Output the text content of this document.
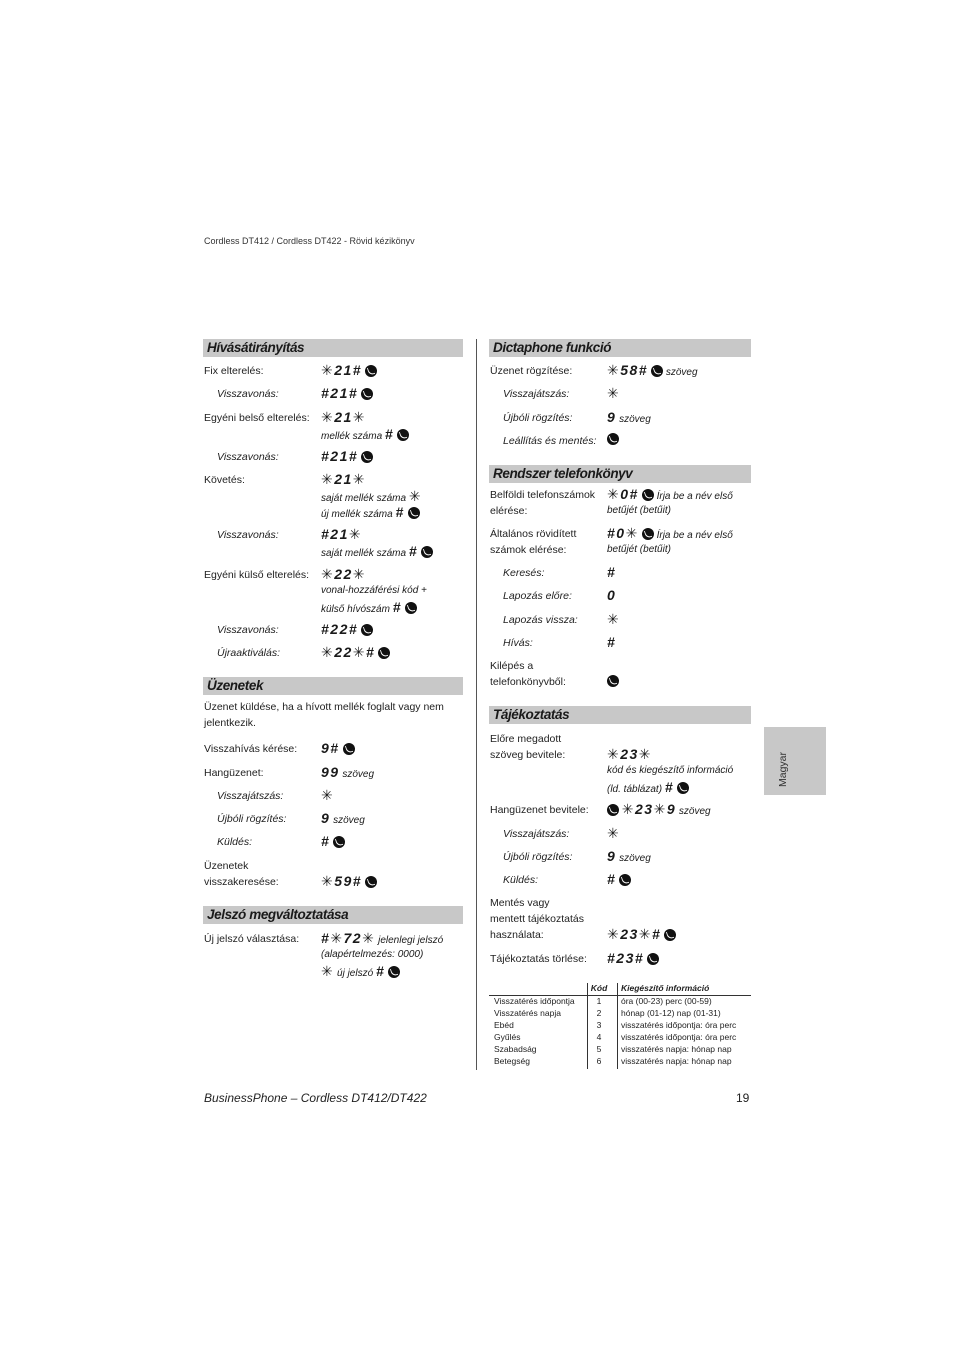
Cordless DT412 / Cordless DT422 - Rövid kézikönyv
Hívásátirányítás
Fix elterelés:	✳21#
Visszavonás:	#21#
Egyéni belső elterelés: ✳21✳
mellék száma #
Visszavonás:	#21#
Követés:	✳21✳
saját mellék száma ✳
új mellék száma #
Visszavonás:	#21✳
saját mellék száma #
Egyéni külső elterelés: ✳22✳
vonal-hozzáférési kód +
külső hívószám #
Visszavonás:	#22#
Újraaktiválás:	✳22✳#
Üzenetek
Üzenet küldése, ha a hívott mellék foglalt vagy nem jelentkezik.
Visszahívás kérése: 9#
Hangüzenet:	99 szöveg
Visszajátszás:	✳
Újbóli rögzítés: 9 szöveg
Küldés:	#
Üzenetek
visszakeresése:	✳59#
Jelszó megváltoztatása
Új jelszó választása: #✳72✳ jelenlegi jelszó
(alapértelmezés: 0000)
✳ új jelszó #
Dictaphone funkció
Üzenet rögzítése: ✳58# szöveg
Visszajátszás:	✳
Újbóli rögzítés: 9 szöveg
Leállítás és mentés:
Rendszer telefonkönyv
Belföldi telefonszámok
elérése:
✳0# Írja be a név első
betűjét (betűit)
Általános rövidített
számok elérése:
#0✳ Írja be a név első
betűjét (betűit)
Keresés:	#
Lapozás előre:	0
Lapozás vissza: ✳
Hívás:	#
Kilépés a
telefonkönyvből:
Tájékoztatás
Előre megadott
szöveg bevitele:	✳23✳
kód és kiegészítő információ
(ld. táblázat) #
Hangüzenet bevitele:	✳23✳9 szöveg
Visszajátszás:	✳
Újbóli rögzítés: 9 szöveg
Küldés:	#
Mentés vagy
mentett tájékoztatás
használata:	✳23✳#
Tájékoztatás törlése: #23#
Kód Kiegészítő információ
Visszatérés időpontja	1	óra (00-23) perc (00-59)
Visszatérés napja	2	hónap (01-12) nap (01-31)
Ebéd	3	visszatérés időpontja: óra perc
Gyűlés	4	visszatérés időpontja: óra perc
Szabadság	5	visszatérés napja: hónap nap
Betegség	6	visszatérés napja: hónap nap
Magyar
BusinessPhone – Cordless DT412/DT422	19
